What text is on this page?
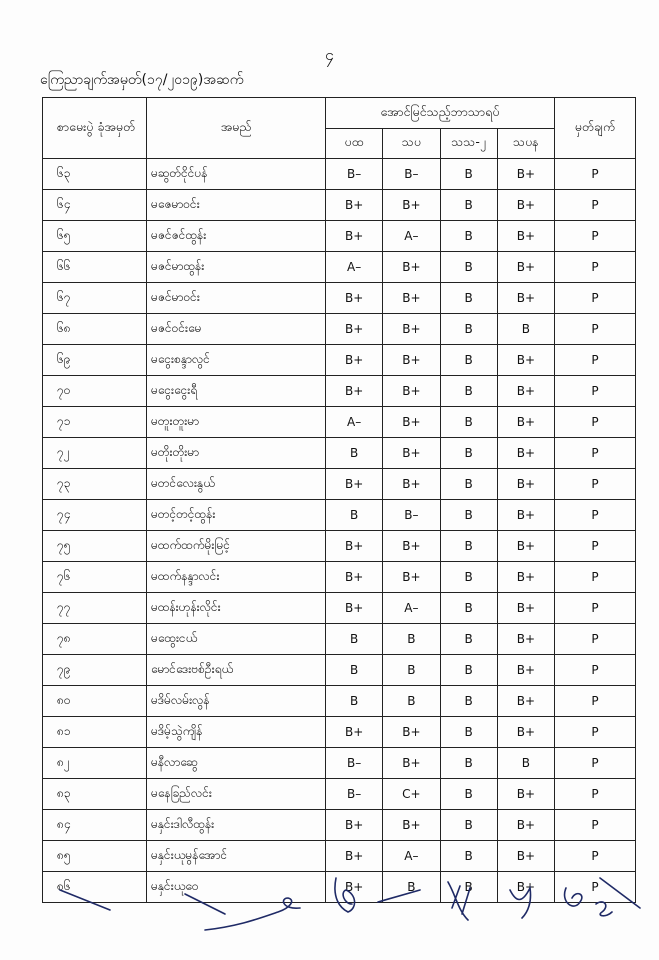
၄
ကြေညာချက်အမှတ်(၁၇/၂၀၁၉)အဆက်
စာမေးပွဲ ခုံအမှတ်	အမည်	အောင်မြင်သည့်ဘာသာရပ်				မှတ်ချက်
		ပထ	သပ	သသ-၂	သပန	
၆၃	မဆွတ်ငိုင်ပန်	B–	B–	B	B+	P
၆၄	မဇေမာဝင်း	B+	B+	B	B+	P
၆၅	မဇင်ဇင်ထွန်း	B+	A–	B	B+	P
၆၆	မဇင်မာထွန်း	A–	B+	B	B+	P
၆၇	မဇင်မာဝင်း	B+	B+	B	B+	P
၆၈	မဇင်ဝင်းမေ	B+	B+	B	B	P
၆၉	မငွေးစန္ဒာလွင်	B+	B+	B	B+	P
၇၀	မငွေးငွေးရီ	B+	B+	B	B+	P
၇၁	မတူးတူးမာ	A–	B+	B	B+	P
၇၂	မတိုးတိုးမာ	B	B+	B	B+	P
၇၃	မတင်လေးနွယ်	B+	B+	B	B+	P
၇၄	မတင့်တင့်ထွန်း	B	B–	B	B+	P
၇၅	မထက်ထက်မိုးမြင့်	B+	B+	B	B+	P
၇၆	မထက်နန္ဒာလင်း	B+	B+	B	B+	P
၇၇	မထန်းဟုန်းလိုင်း	B+	A–	B	B+	P
၇၈	မထွေးငယ်	B	B	B	B+	P
၇၉	မောင်ဒေးဗစ်ဦးရယ်	B	B	B	B+	P
၈၀	မဒိမ်လမ်းလွန်	B	B	B	B+	P
၈၁	မဒိမ့်သွဲကျိန်	B+	B+	B	B+	P
၈၂	မနီလာဆွေ	B–	B+	B	B	P
၈၃	မနေခြည်လင်း	B–	C+	B	B+	P
၈၄	မနှင်းဒါလီထွန်း	B+	B+	B	B+	P
၈၅	မနှင်းယုမွန်အောင်	B+	A–	B	B+	P
၈၆	မနှင်းယုဝေ	B+	B	B	B+	P
